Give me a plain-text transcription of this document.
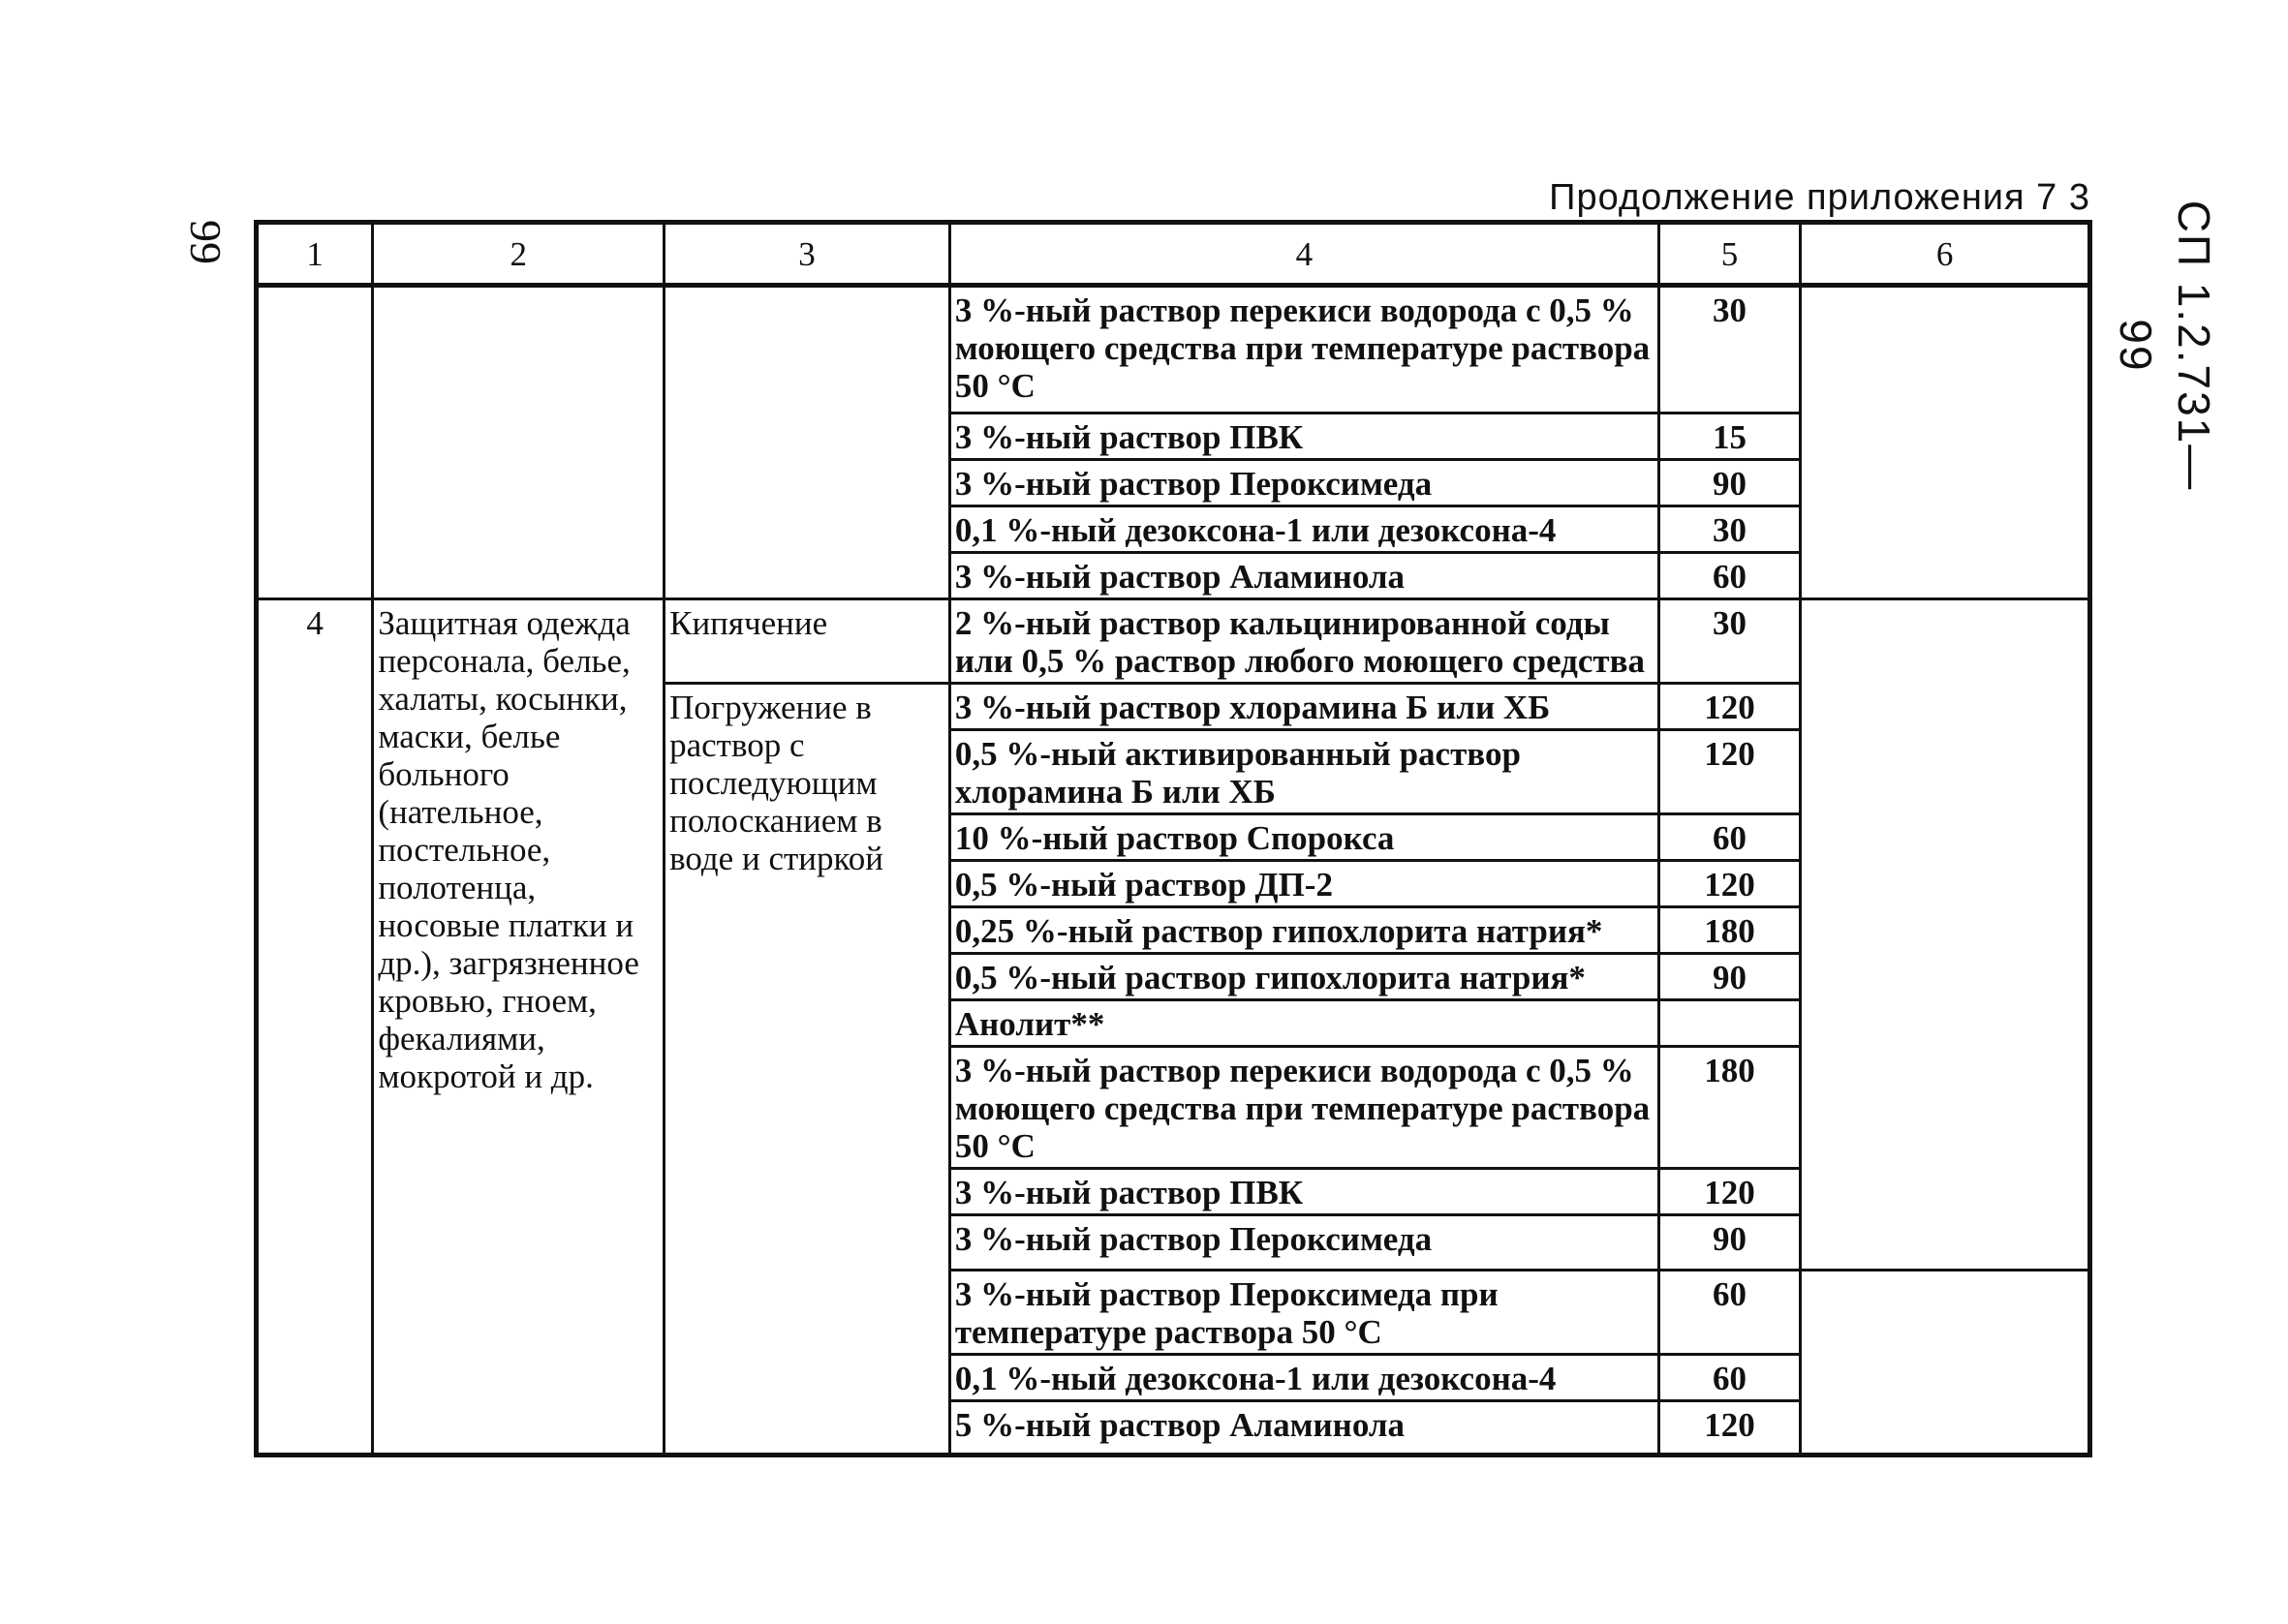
99	СП 1.2.731—99
Продолжение приложения 7 3
1	2	3	4	5	6
			3 %-ный раствор перекиси водорода с 0,5 % моющего средства при температуре раствора 50 °С	30	
			3 %-ный раствор ПВК	15	
			3 %-ный раствор Пероксимеда	90	
			0,1 %-ный дезоксона-1 или дезоксона-4	30	
			3 %-ный раствор Аламинола	60	
4	Защитная одежда персонала, белье, халаты, косынки, маски, белье больного (нательное, постельное, полотенца, носовые платки и др.), загрязненное кровью, гноем, фекалиями, мокротой и др.	Кипячение	2 %-ный раствор кальцинированной соды или 0,5 % раствор любого моющего средства	30	
		Погружение в раствор с последующим полосканием в воде и стиркой	3 %-ный раствор хлорамина Б или ХБ	120	
			0,5 %-ный активированный раствор хлорамина Б или ХБ	120	
			10 %-ный раствор Спорокса	60	
			0,5 %-ный раствор ДП-2	120	
			0,25 %-ный раствор гипохлорита натрия*	180	
			0,5 %-ный раствор гипохлорита натрия*	90	
			Анолит**		
			3 %-ный раствор перекиси водорода с 0,5 % моющего средства при температуре раствора 50 °С	180	
			3 %-ный раствор ПВК	120	
			3 %-ный раствор Пероксимеда	90	
			3 %-ный раствор Пероксимеда при температуре раствора 50 °С	60	
			0,1 %-ный дезоксона-1 или дезоксона-4	60	
			5 %-ный раствор Аламинола	120	
